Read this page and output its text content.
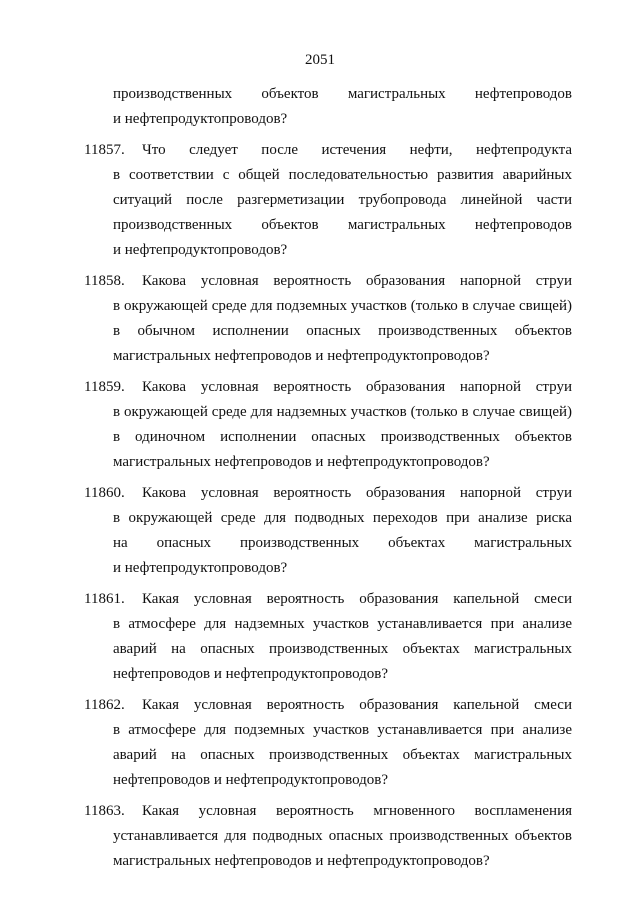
2051
производственных объектов магистральных нефтепроводов
и нефтепродуктопроводов?
11857.	Что следует после истечения нефти, нефтепродукта
в соответствии с общей последовательностью развития аварийных
ситуаций после разгерметизации трубопровода линейной части
производственных объектов магистральных нефтепроводов
и нефтепродуктопроводов?
11858.	Какова условная вероятность образования напорной струи
в окружающей среде для подземных участков (только в случае свищей)
в обычном исполнении опасных производственных объектов
магистральных нефтепроводов и нефтепродуктопроводов?
11859.	Какова условная вероятность образования напорной струи
в окружающей среде для надземных участков (только в случае свищей)
в одиночном исполнении опасных производственных объектов
магистральных нефтепроводов и нефтепродуктопроводов?
11860.	Какова условная вероятность образования напорной струи
в окружающей среде для подводных переходов при анализе риска
на опасных производственных объектах магистральных
и нефтепродуктопроводов?
11861.	Какая условная вероятность образования капельной смеси
в атмосфере для надземных участков устанавливается при анализе
аварий на опасных производственных объектах магистральных
нефтепроводов и нефтепродуктопроводов?
11862.	Какая условная вероятность образования капельной смеси
в атмосфере для подземных участков устанавливается при анализе
аварий на опасных производственных объектах магистральных
нефтепроводов и нефтепродуктопроводов?
11863.	Какая условная вероятность мгновенного воспламенения
устанавливается для подводных опасных производственных объектов
магистральных нефтепроводов и нефтепродуктопроводов?
